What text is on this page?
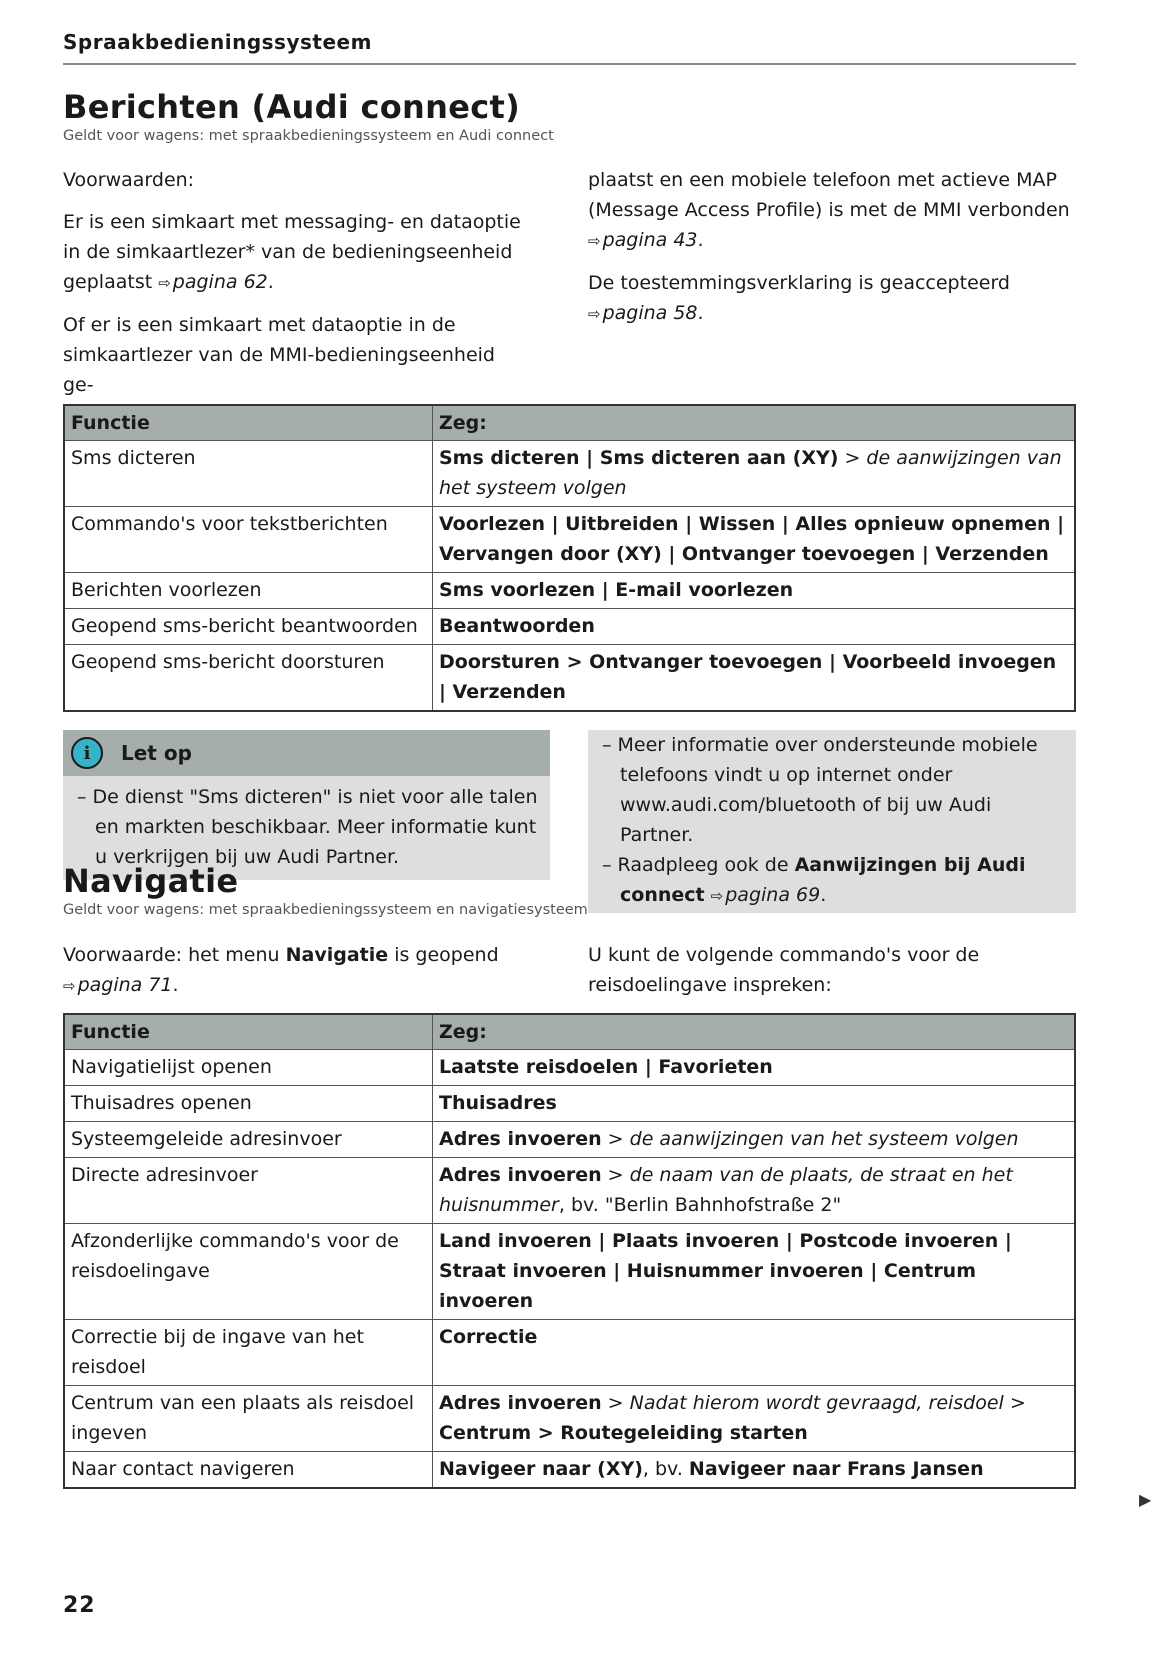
Spraakbedieningssysteem
Berichten (Audi connect)
Geldt voor wagens: met spraakbedieningssysteem en Audi connect

Voorwaarden:

Er is een simkaart met messaging- en dataoptie in de simkaartlezer* van de bedieningseenheid geplaatst ⇨ pagina 62.

Of er is een simkaart met dataoptie in de simkaartlezer van de MMI-bedieningseenheid ge-

plaatst en een mobiele telefoon met actieve MAP (Message Access Profile) is met de MMI verbonden ⇨ pagina 43.

De toestemmingsverklaring is geaccepteerd ⇨ pagina 58.

Functie	Zeg:
Sms dicteren	Sms dicteren | Sms dicteren aan (XY) > de aanwijzingen van het systeem volgen
Commando's voor tekstberichten	Voorlezen | Uitbreiden | Wissen | Alles opnieuw opnemen | Vervangen door (XY) | Ontvanger toevoegen | Verzenden
Berichten voorlezen	Sms voorlezen | E-mail voorlezen
Geopend sms-bericht beantwoorden	Beantwoorden
Geopend sms-bericht doorsturen	Doorsturen > Ontvanger toevoegen | Voorbeeld invoegen | Verzenden
i	Let op
– De dienst "Sms dicteren" is niet voor alle talen en markten beschikbaar. Meer informatie kunt u verkrijgen bij uw Audi Partner.
– Meer informatie over ondersteunde mobiele telefoons vindt u op internet onder www.audi.com/bluetooth of bij uw Audi Partner.
– Raadpleeg ook de Aanwijzingen bij Audi connect ⇨ pagina 69.
Navigatie
Geldt voor wagens: met spraakbedieningssysteem en navigatiesysteem

Voorwaarde: het menu Navigatie is geopend ⇨ pagina 71.

U kunt de volgende commando's voor de reisdoelingave inspreken:

Functie	Zeg:
Navigatielijst openen	Laatste reisdoelen | Favorieten
Thuisadres openen	Thuisadres
Systeemgeleide adresinvoer	Adres invoeren > de aanwijzingen van het systeem volgen
Directe adresinvoer	Adres invoeren > de naam van de plaats, de straat en het huisnummer, bv. "Berlin Bahnhofstraße 2"
Afzonderlijke commando's voor de reisdoelingave	Land invoeren | Plaats invoeren | Postcode invoeren | Straat invoeren | Huisnummer invoeren | Centrum invoeren
Correctie bij de ingave van het reisdoel	Correctie
Centrum van een plaats als reisdoel ingeven	Adres invoeren > Nadat hierom wordt gevraagd, reisdoel > Centrum > Routegeleiding starten
Naar contact navigeren	Navigeer naar (XY), bv. Navigeer naar Frans Jansen
▶
22
